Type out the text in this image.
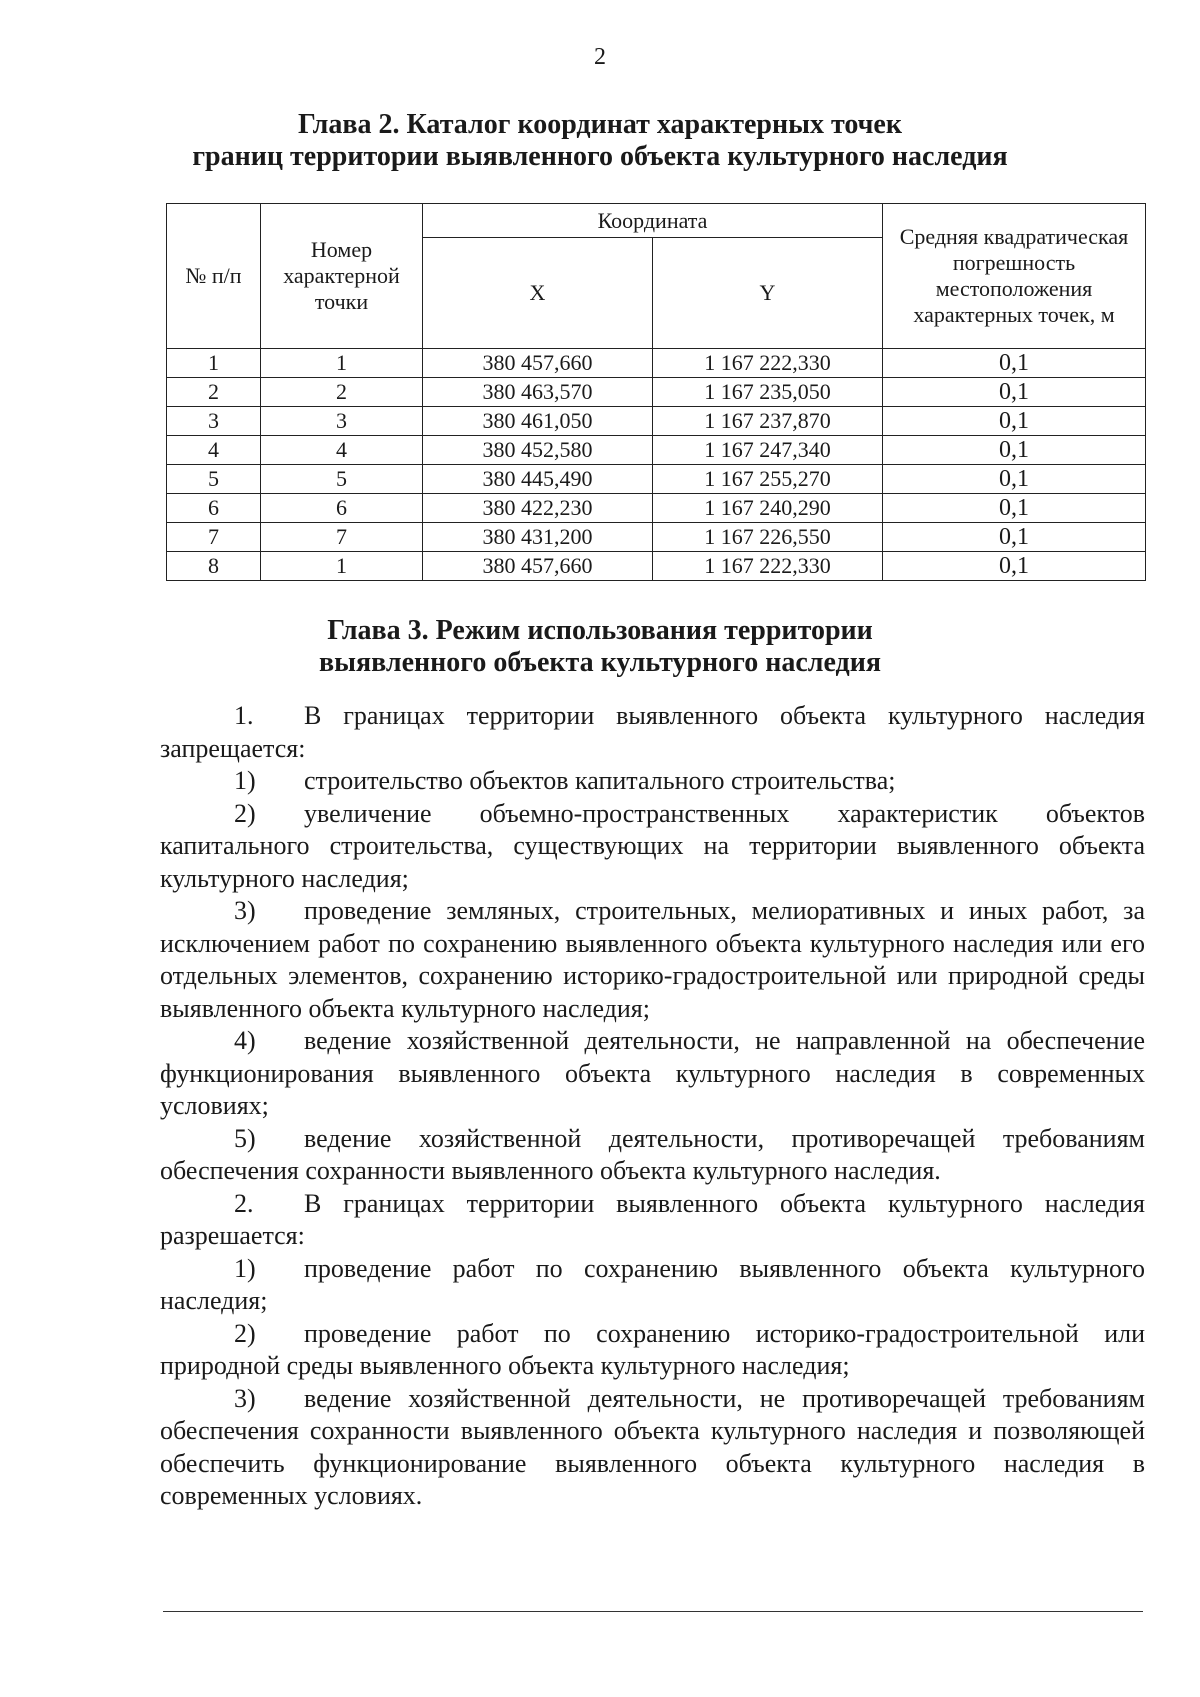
2
Глава 2. Каталог координат характерных точек
границ территории выявленного объекта культурного наследия
№ п/п	Номер характерной точки	Координата		Средняя квадратическая погрешность местоположения характерных точек, м
		X	Y	
1	1	380 457,660	1 167 222,330	0,1
2	2	380 463,570	1 167 235,050	0,1
3	3	380 461,050	1 167 237,870	0,1
4	4	380 452,580	1 167 247,340	0,1
5	5	380 445,490	1 167 255,270	0,1
6	6	380 422,230	1 167 240,290	0,1
7	7	380 431,200	1 167 226,550	0,1
8	1	380 457,660	1 167 222,330	0,1
Глава 3. Режим использования территории
выявленного объекта культурного наследия

1. В границах территории выявленного объекта культурного наследия запрещается:

1) строительство объектов капитального строительства;

2) увеличение объемно-пространственных характеристик объектов капитального строительства, существующих на территории выявленного объекта культурного наследия;

3) проведение земляных, строительных, мелиоративных и иных работ, за исключением работ по сохранению выявленного объекта культурного наследия или его отдельных элементов, сохранению историко-градостроительной или природной среды выявленного объекта культурного наследия;

4) ведение хозяйственной деятельности, не направленной на обеспечение функционирования выявленного объекта культурного наследия в современных условиях;

5) ведение хозяйственной деятельности, противоречащей требованиям обеспечения сохранности выявленного объекта культурного наследия.

2. В границах территории выявленного объекта культурного наследия разрешается:

1) проведение работ по сохранению выявленного объекта культурного наследия;

2) проведение работ по сохранению историко-градостроительной или природной среды выявленного объекта культурного наследия;

3) ведение хозяйственной деятельности, не противоречащей требованиям обеспечения сохранности выявленного объекта культурного наследия и позволяющей обеспечить функционирование выявленного объекта культурного наследия в современных условиях.
